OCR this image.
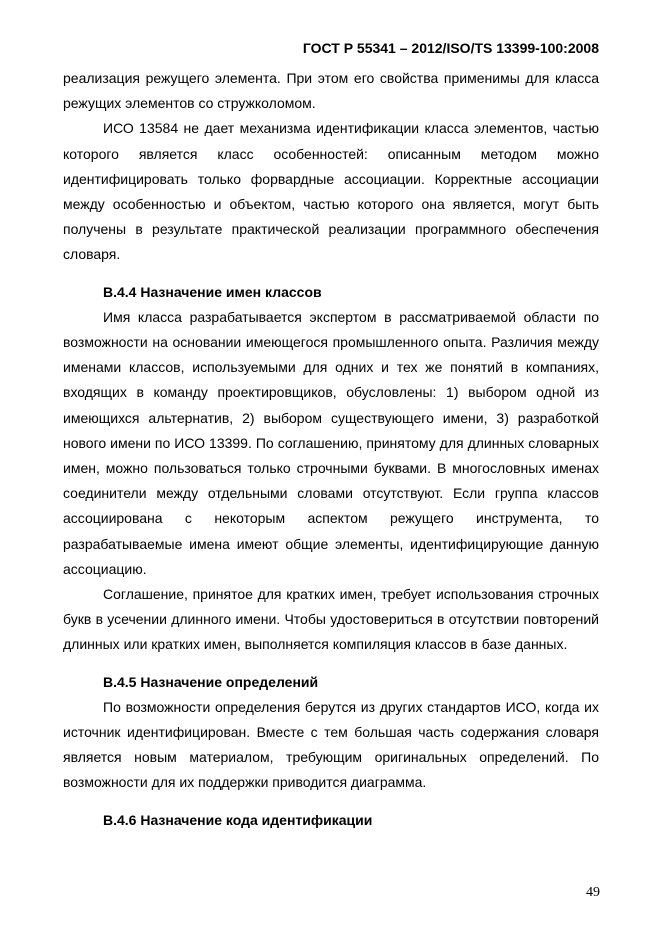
ГОСТ Р 55341 – 2012/ISO/TS 13399-100:2008

реализация режущего элемента. При этом его свойства применимы для класса режущих элементов со стружколомом.

ИСО 13584 не дает механизма идентификации класса элементов, частью которого является класс особенностей: описанным методом можно идентифицировать только форвардные ассоциации. Корректные ассоциации между особенностью и объектом, частью которого она является, могут быть получены в результате практической реализации программного обеспечения словаря.

В.4.4 Назначение имен классов

Имя класса разрабатывается экспертом в рассматриваемой области по возможности на основании имеющегося промышленного опыта. Различия между именами классов, используемыми для одних и тех же понятий в компаниях, входящих в команду проектировщиков, обусловлены: 1) выбором одной из имеющихся альтернатив, 2) выбором существующего имени, 3) разработкой нового имени по ИСО 13399. По соглашению, принятому для длинных словарных имен, можно пользоваться только строчными буквами. В многословных именах соединители между отдельными словами отсутствуют. Если группа классов ассоциирована с некоторым аспектом режущего инструмента, то разрабатываемые имена имеют общие элементы, идентифицирующие данную ассоциацию.

Соглашение, принятое для кратких имен, требует использования строчных букв в усечении длинного имени. Чтобы удостовериться в отсутствии повторений длинных или кратких имен, выполняется компиляция классов в базе данных.

В.4.5 Назначение определений

По возможности определения берутся из других стандартов ИСО, когда их источник идентифицирован. Вместе с тем большая часть содержания словаря является новым материалом, требующим оригинальных определений. По возможности для их поддержки приводится диаграмма.

В.4.6 Назначение кода идентификации
49
